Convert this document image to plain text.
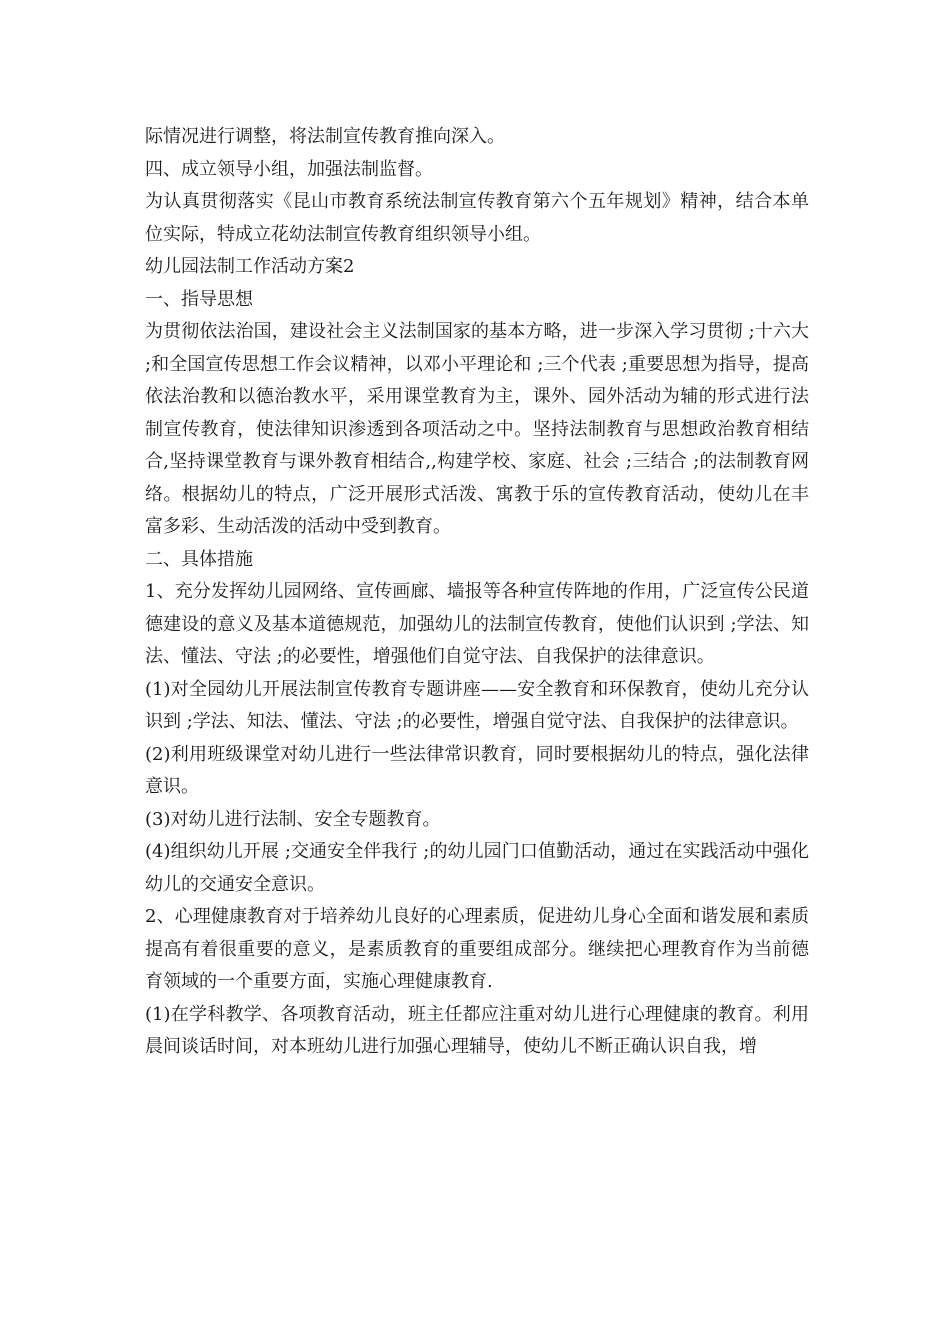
际情况进行调整，将法制宣传教育推向深入。

四、成立领导小组，加强法制监督。

为认真贯彻落实《昆山市教育系统法制宣传教育第六个五年规划》精神，结合本单位实际，特成立花幼法制宣传教育组织领导小组。

幼儿园法制工作活动方案2

一、指导思想

为贯彻依法治国，建设社会主义法制国家的基本方略，进一步深入学习贯彻 ;十六大 ;和全国宣传思想工作会议精神，以邓小平理论和 ;三个代表 ;重要思想为指导，提高依法治教和以德治教水平，采用课堂教育为主，课外、园外活动为辅的形式进行法制宣传教育，使法律知识渗透到各项活动之中。坚持法制教育与思想政治教育相结合,坚持课堂教育与课外教育相结合,,构建学校、家庭、社会 ;三结合 ;的法制教育网络。根据幼儿的特点，广泛开展形式活泼、寓教于乐的宣传教育活动，使幼儿在丰富多彩、生动活泼的活动中受到教育。

二、具体措施

1、充分发挥幼儿园网络、宣传画廊、墙报等各种宣传阵地的作用，广泛宣传公民道德建设的意义及基本道德规范，加强幼儿的法制宣传教育，使他们认识到 ;学法、知法、懂法、守法 ;的必要性，增强他们自觉守法、自我保护的法律意识。

(1)对全园幼儿开展法制宣传教育专题讲座——安全教育和环保教育，使幼儿充分认识到 ;学法、知法、懂法、守法 ;的必要性，增强自觉守法、自我保护的法律意识。

(2)利用班级课堂对幼儿进行一些法律常识教育，同时要根据幼儿的特点，强化法律意识。

(3)对幼儿进行法制、安全专题教育。

(4)组织幼儿开展 ;交通安全伴我行 ;的幼儿园门口值勤活动，通过在实践活动中强化幼儿的交通安全意识。

2、心理健康教育对于培养幼儿良好的心理素质，促进幼儿身心全面和谐发展和素质提高有着很重要的意义，是素质教育的重要组成部分。继续把心理教育作为当前德育领域的一个重要方面，实施心理健康教育.

(1)在学科教学、各项教育活动，班主任都应注重对幼儿进行心理健康的教育。利用晨间谈话时间，对本班幼儿进行加强心理辅导，使幼儿不断正确认识自我，增
